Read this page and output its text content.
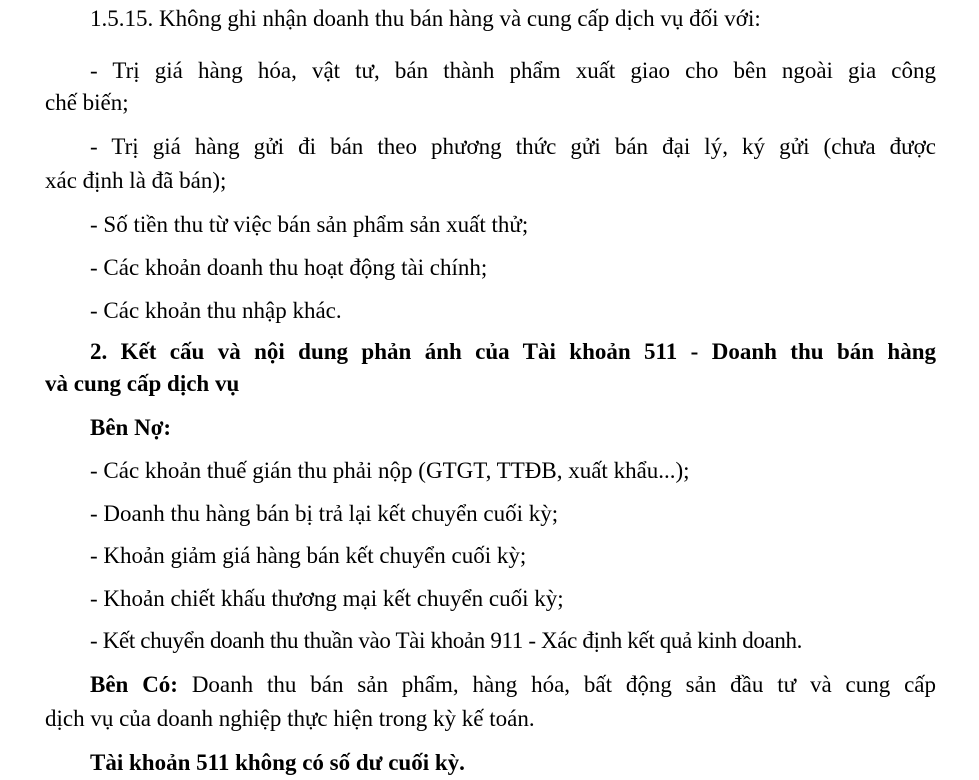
1.5.15. Không ghi nhận doanh thu bán hàng và cung cấp dịch vụ đối với:
- Trị giá hàng hóa, vật tư, bán thành phẩm xuất giao cho bên ngoài gia công
chế biến;
- Trị giá hàng gửi đi bán theo phương thức gửi bán đại lý, ký gửi (chưa được
xác định là đã bán);
- Số tiền thu từ việc bán sản phẩm sản xuất thử;
- Các khoản doanh thu hoạt động tài chính;
- Các khoản thu nhập khác.
2. Kết cấu và nội dung phản ánh của Tài khoản 511 - Doanh thu bán hàng
và cung cấp dịch vụ
Bên Nợ:
- Các khoản thuế gián thu phải nộp (GTGT, TTĐB, xuất khẩu...);
- Doanh thu hàng bán bị trả lại kết chuyển cuối kỳ;
- Khoản giảm giá hàng bán kết chuyển cuối kỳ;
- Khoản chiết khấu thương mại kết chuyển cuối kỳ;
- Kết chuyển doanh thu thuần vào Tài khoản 911 - Xác định kết quả kinh doanh.
Bên Có: Doanh thu bán sản phẩm, hàng hóa, bất động sản đầu tư và cung cấp
dịch vụ của doanh nghiệp thực hiện trong kỳ kế toán.
Tài khoản 511 không có số dư cuối kỳ.
